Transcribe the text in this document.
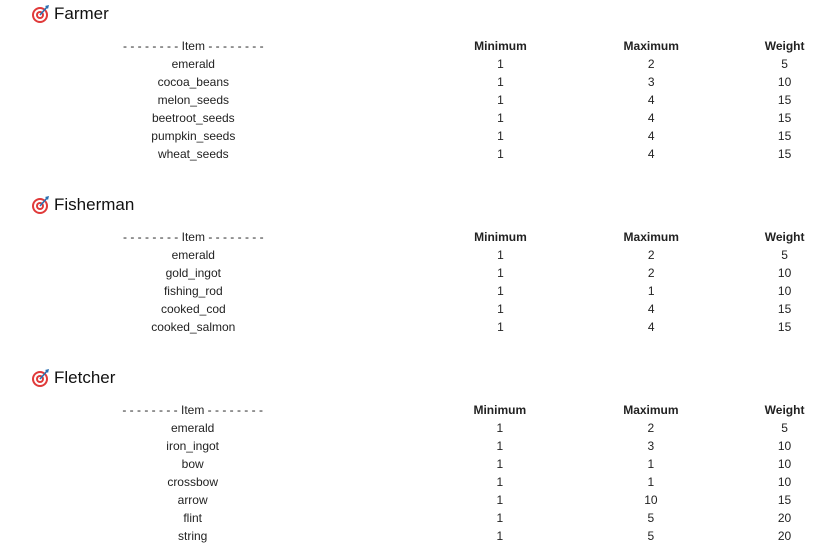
Farmer
- - - - - - - - Item - - - - - - - -		Minimum	Maximum	Weight
emerald		1	2	5
cocoa_beans		1	3	10
melon_seeds		1	4	15
beetroot_seeds		1	4	15
pumpkin_seeds		1	4	15
wheat_seeds		1	4	15
Fisherman
- - - - - - - - Item - - - - - - - -		Minimum	Maximum	Weight
emerald		1	2	5
gold_ingot		1	2	10
fishing_rod		1	1	10
cooked_cod		1	4	15
cooked_salmon		1	4	15
Fletcher
- - - - - - - - Item - - - - - - - -		Minimum	Maximum	Weight
emerald		1	2	5
iron_ingot		1	3	10
bow		1	1	10
crossbow		1	1	10
arrow		1	10	15
flint		1	5	20
string		1	5	20
